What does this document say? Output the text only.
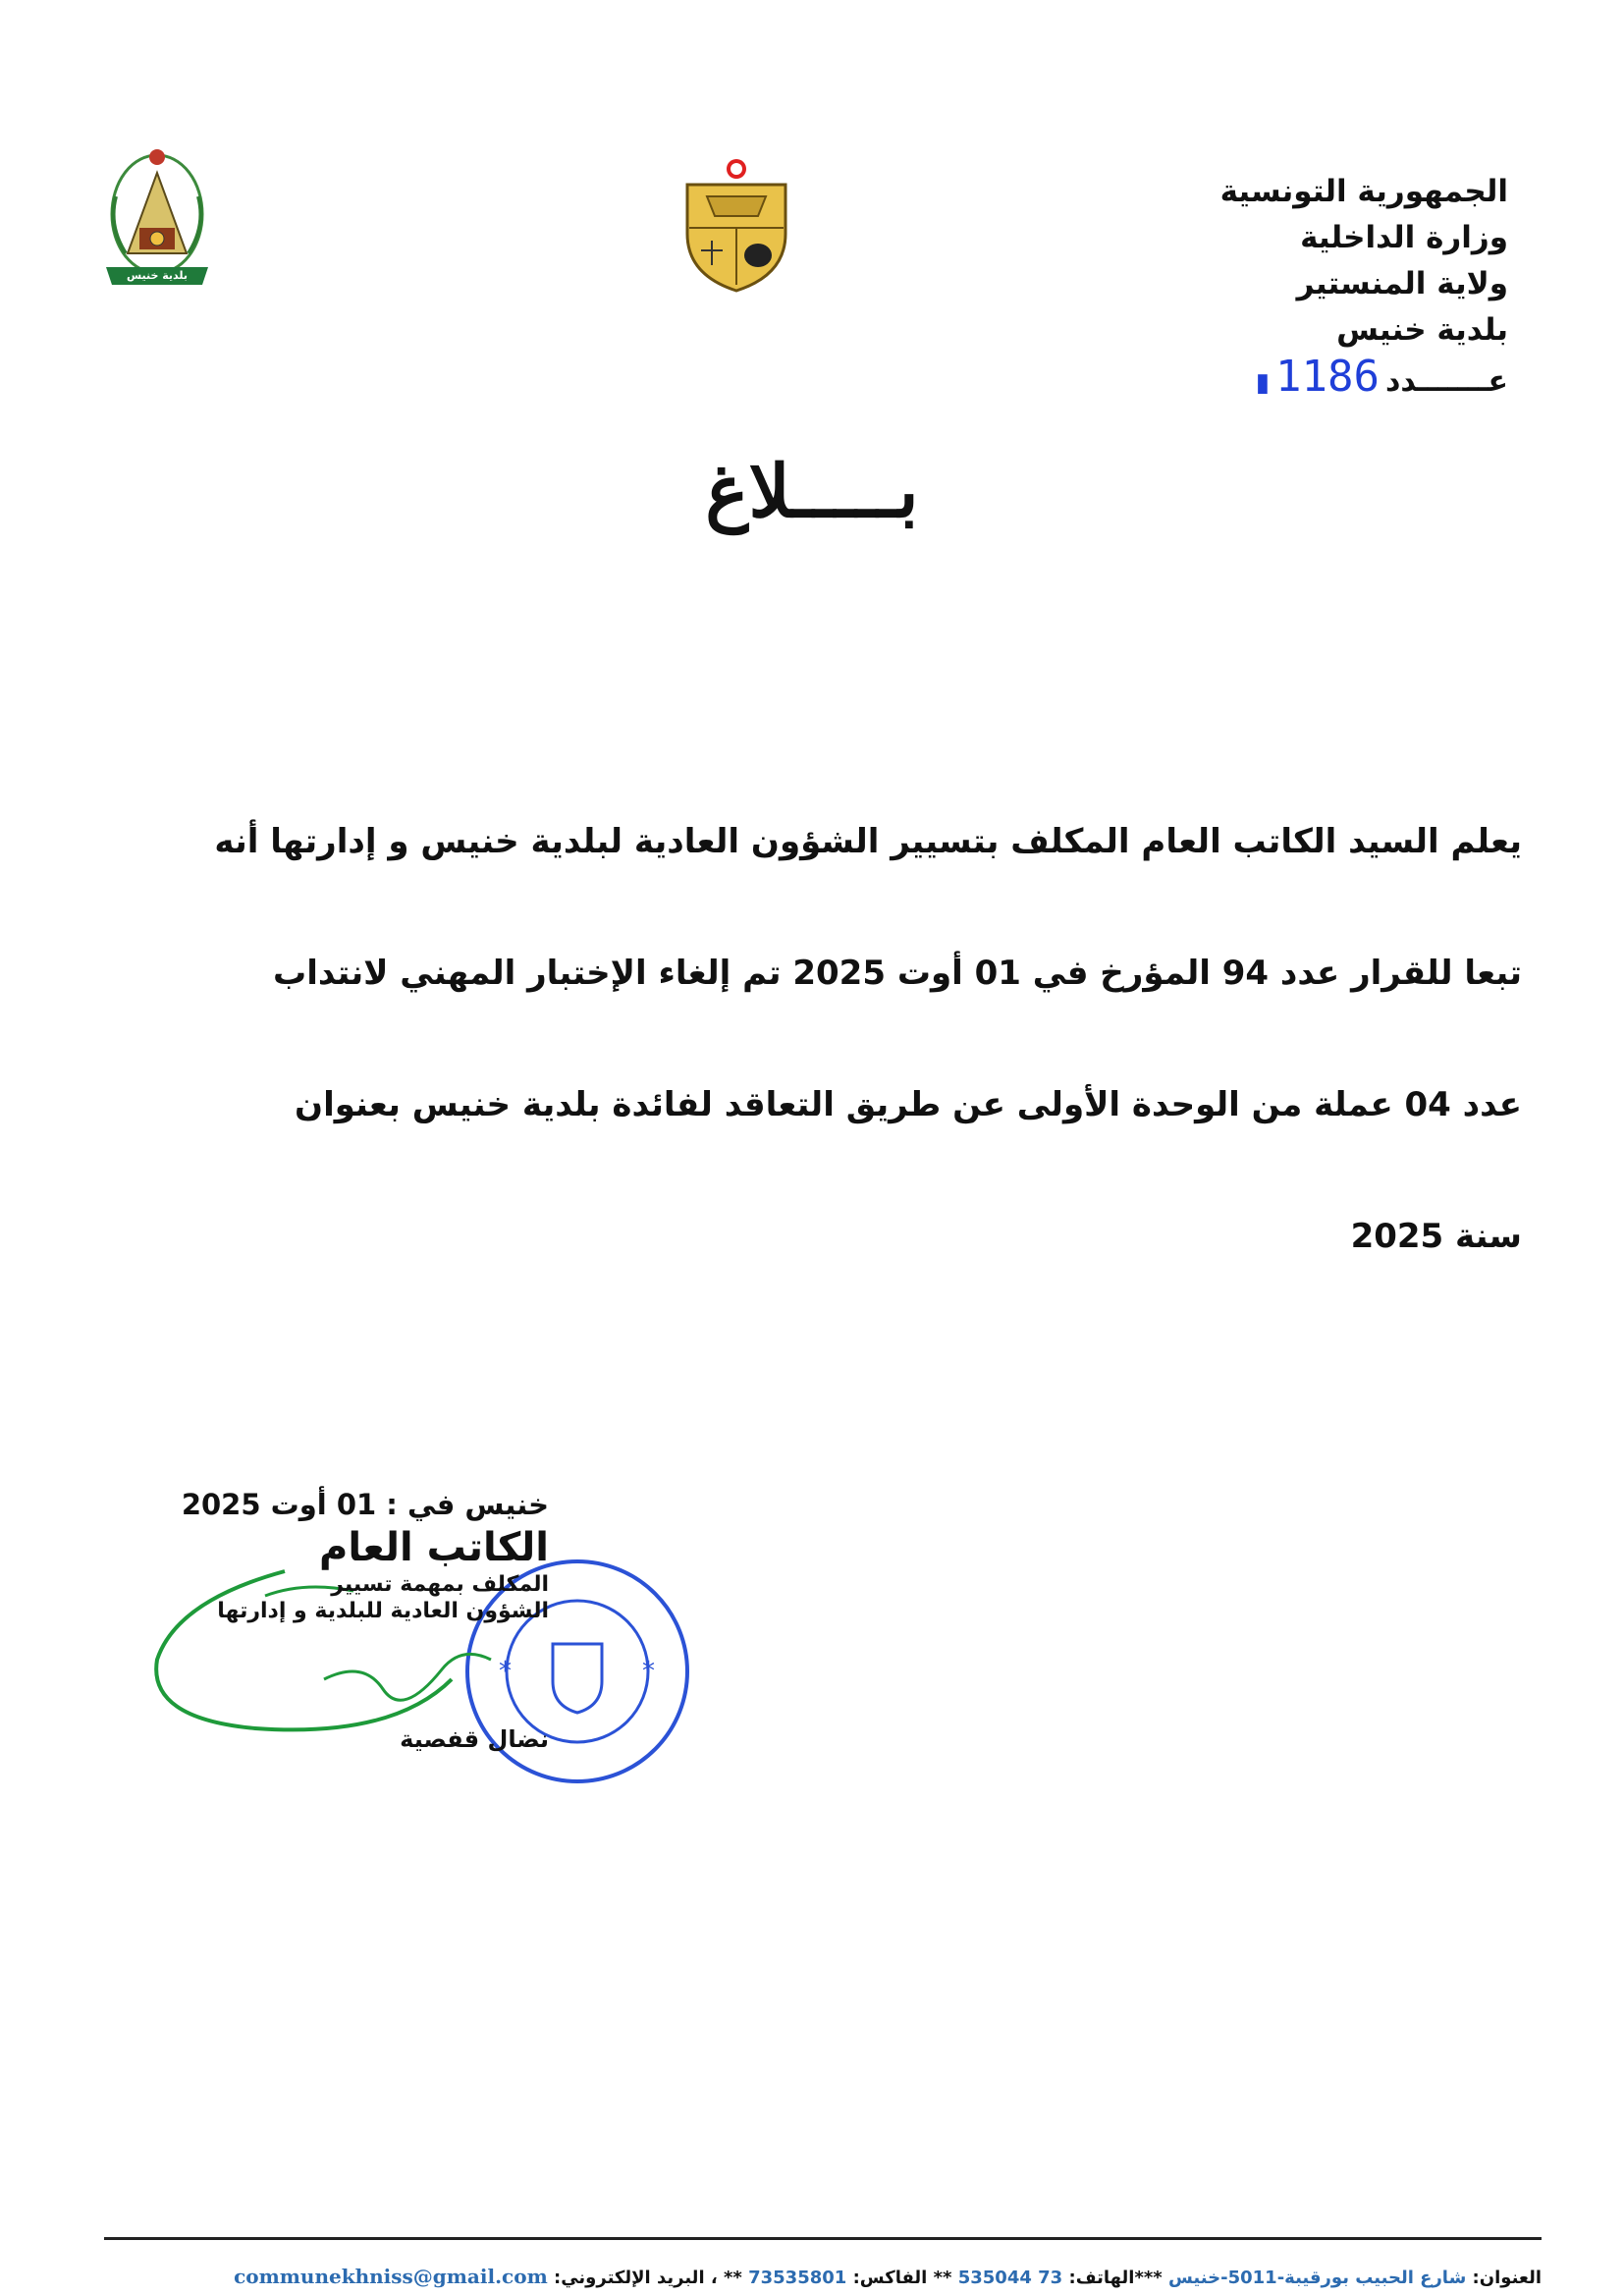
بلدية خنيس
الجمهورية التونسية
وزارة الداخلية
ولاية المنستير
بلدية خنيس
عـــــــدد1186▮
بـــــلاغ

يعلم السيد الكاتب العام المكلف بتسيير الشؤون العادية لبلدية خنيس و إدارتها أنه

تبعا للقرار عدد 94 المؤرخ في 01 أوت 2025 تم إلغاء الإختبار المهني لانتداب

عدد 04 عملة من الوحدة الأولى عن طريق التعاقد لفائدة بلدية خنيس بعنوان

سنة 2025

*	*
خنيس في : 01 أوت 2025
الكاتب العام
المكلف بمهمة تسيير
الشؤون العادية للبلدية و إدارتها
نضال قفصية
العنوان: شارع الحبيب بورقيبة-5011-خنيس ***الهاتف: 73 535044 ** الفاكس: 73535801 ** ، البريد الإلكتروني: communekhniss@gmail.com
